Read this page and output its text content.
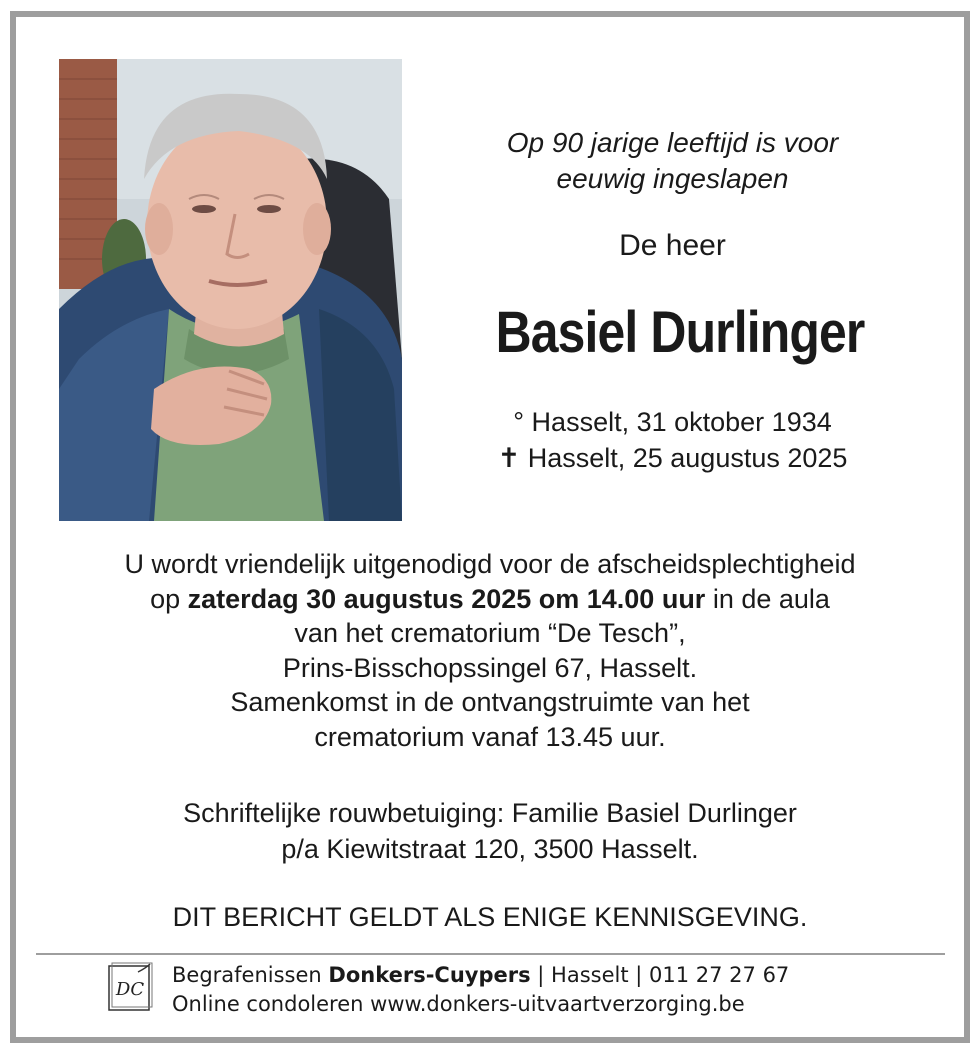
Op 90 jarige leeftijd is voor
eeuwig ingeslapen
De heer
Basiel Durlinger
° Hasselt, 31 oktober 1934
✝ Hasselt, 25 augustus 2025
U wordt vriendelijk uitgenodigd voor de afscheidsplechtigheid
op zaterdag 30 augustus 2025 om 14.00 uur in de aula
van het crematorium “De Tesch”,
Prins-Bisschopssingel 67, Hasselt.
Samenkomst in de ontvangstruimte van het
crematorium vanaf 13.45 uur.
Schriftelijke rouwbetuiging: Familie Basiel Durlinger
p/a Kiewitstraat 120, 3500 Hasselt.
DIT BERICHT GELDT ALS ENIGE KENNISGEVING.
DC
Begrafenissen Donkers-Cuypers | Hasselt | 011 27 27 67
Online condoleren www.donkers-uitvaartverzorging.be
